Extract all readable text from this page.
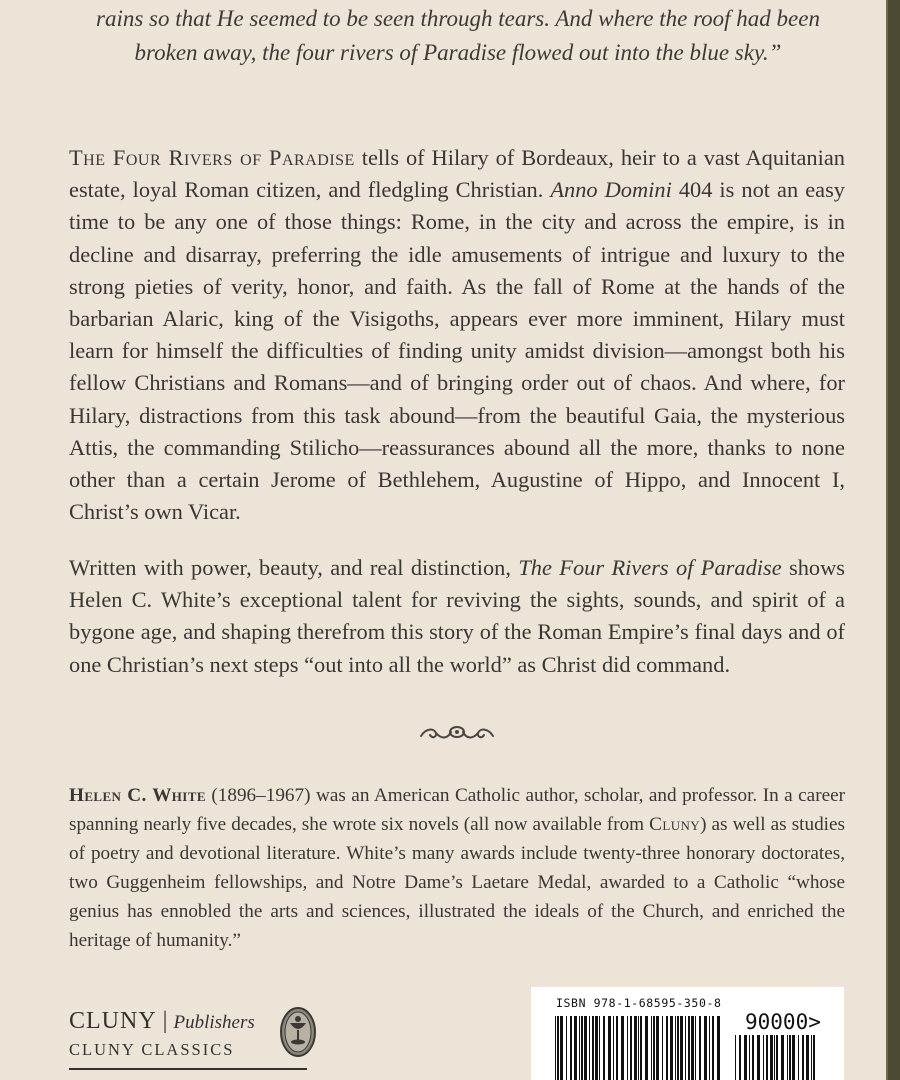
rains so that He seemed to be seen through tears. And where the roof had been
broken away, the four rivers of Paradise flowed out into the blue sky.”

The Four Rivers of Paradise tells of Hilary of Bordeaux, heir to a vast Aquitanian estate, loyal Roman citizen, and fledgling Christian. Anno Domini 404 is not an easy time to be any one of those things: Rome, in the city and across the empire, is in decline and disarray, preferring the idle amusements of intrigue and luxury to the strong pieties of verity, honor, and faith. As the fall of Rome at the hands of the barbarian Alaric, king of the Visigoths, appears ever more imminent, Hilary must learn for himself the difficulties of finding unity amidst division—amongst both his fellow Christians and Romans—and of bringing order out of chaos. And where, for Hilary, distractions from this task abound—from the beautiful Gaia, the mysterious Attis, the commanding Stilicho—reassurances abound all the more, thanks to none other than a certain Jerome of Bethlehem, Augustine of Hippo, and Innocent I, Christ’s own Vicar.

Written with power, beauty, and real distinction, The Four Rivers of Paradise shows Helen C. White’s exceptional talent for reviving the sights, sounds, and spirit of a bygone age, and shaping therefrom this story of the Roman Empire’s final days and of one Christian’s next steps “out into all the world” as Christ did command.

Helen C. White (1896–1967) was an American Catholic author, scholar, and professor. In a career spanning nearly five decades, she wrote six novels (all now available from Cluny) as well as studies of poetry and devotional literature. White’s many awards include twenty-three honorary doctorates, two Guggenheim fellowships, and Notre Dame’s Laetare Medal, awarded to a Catholic “whose genius has ennobled the arts and sciences, illustrated the ideals of the Church, and enriched the heritage of humanity.”

CLUNY | Publishers
CLUNY CLASSICS
ISBN 978-1-68595-350-8
90000>
